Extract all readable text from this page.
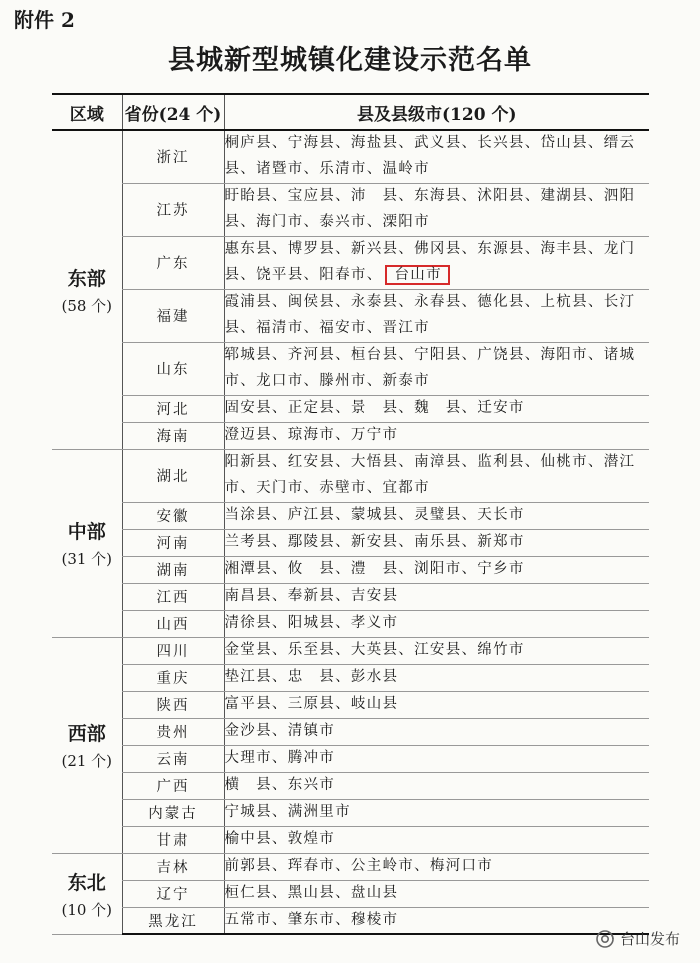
附件 2
县城新型城镇化建设示范名单
区域	省份(24 个)	县及县级市(120 个)

东部
(58 个)	浙江	桐庐县、宁海县、海盐县、武义县、长兴县、岱山县、缙云县、诸暨市、乐清市、温岭市
	江苏	盱眙县、宝应县、沛　县、东海县、沭阳县、建湖县、泗阳县、海门市、泰兴市、溧阳市
	广东	惠东县、博罗县、新兴县、佛冈县、东源县、海丰县、龙门县、饶平县、阳春市、 台山市
	福建	霞浦县、闽侯县、永泰县、永春县、德化县、上杭县、长汀县、福清市、福安市、晋江市
	山东	郓城县、齐河县、桓台县、宁阳县、广饶县、海阳市、诸城市、龙口市、滕州市、新泰市
	河北	固安县、正定县、景　县、魏　县、迁安市
	海南	澄迈县、琼海市、万宁市

中部
(31 个)	湖北	阳新县、红安县、大悟县、南漳县、监利县、仙桃市、潜江市、天门市、赤壁市、宜都市
	安徽	当涂县、庐江县、蒙城县、灵璧县、天长市
	河南	兰考县、鄢陵县、新安县、南乐县、新郑市
	湖南	湘潭县、攸　县、澧　县、浏阳市、宁乡市
	江西	南昌县、奉新县、吉安县
	山西	清徐县、阳城县、孝义市

西部
(21 个)	四川	金堂县、乐至县、大英县、江安县、绵竹市
	重庆	垫江县、忠　县、彭水县
	陕西	富平县、三原县、岐山县
	贵州	金沙县、清镇市
	云南	大理市、腾冲市
	广西	横　县、东兴市
	内蒙古	宁城县、满洲里市
	甘肃	榆中县、敦煌市

东北
(10 个)	吉林	前郭县、珲春市、公主岭市、梅河口市
	辽宁	桓仁县、黑山县、盘山县
	黑龙江	五常市、肇东市、穆棱市
台山发布
